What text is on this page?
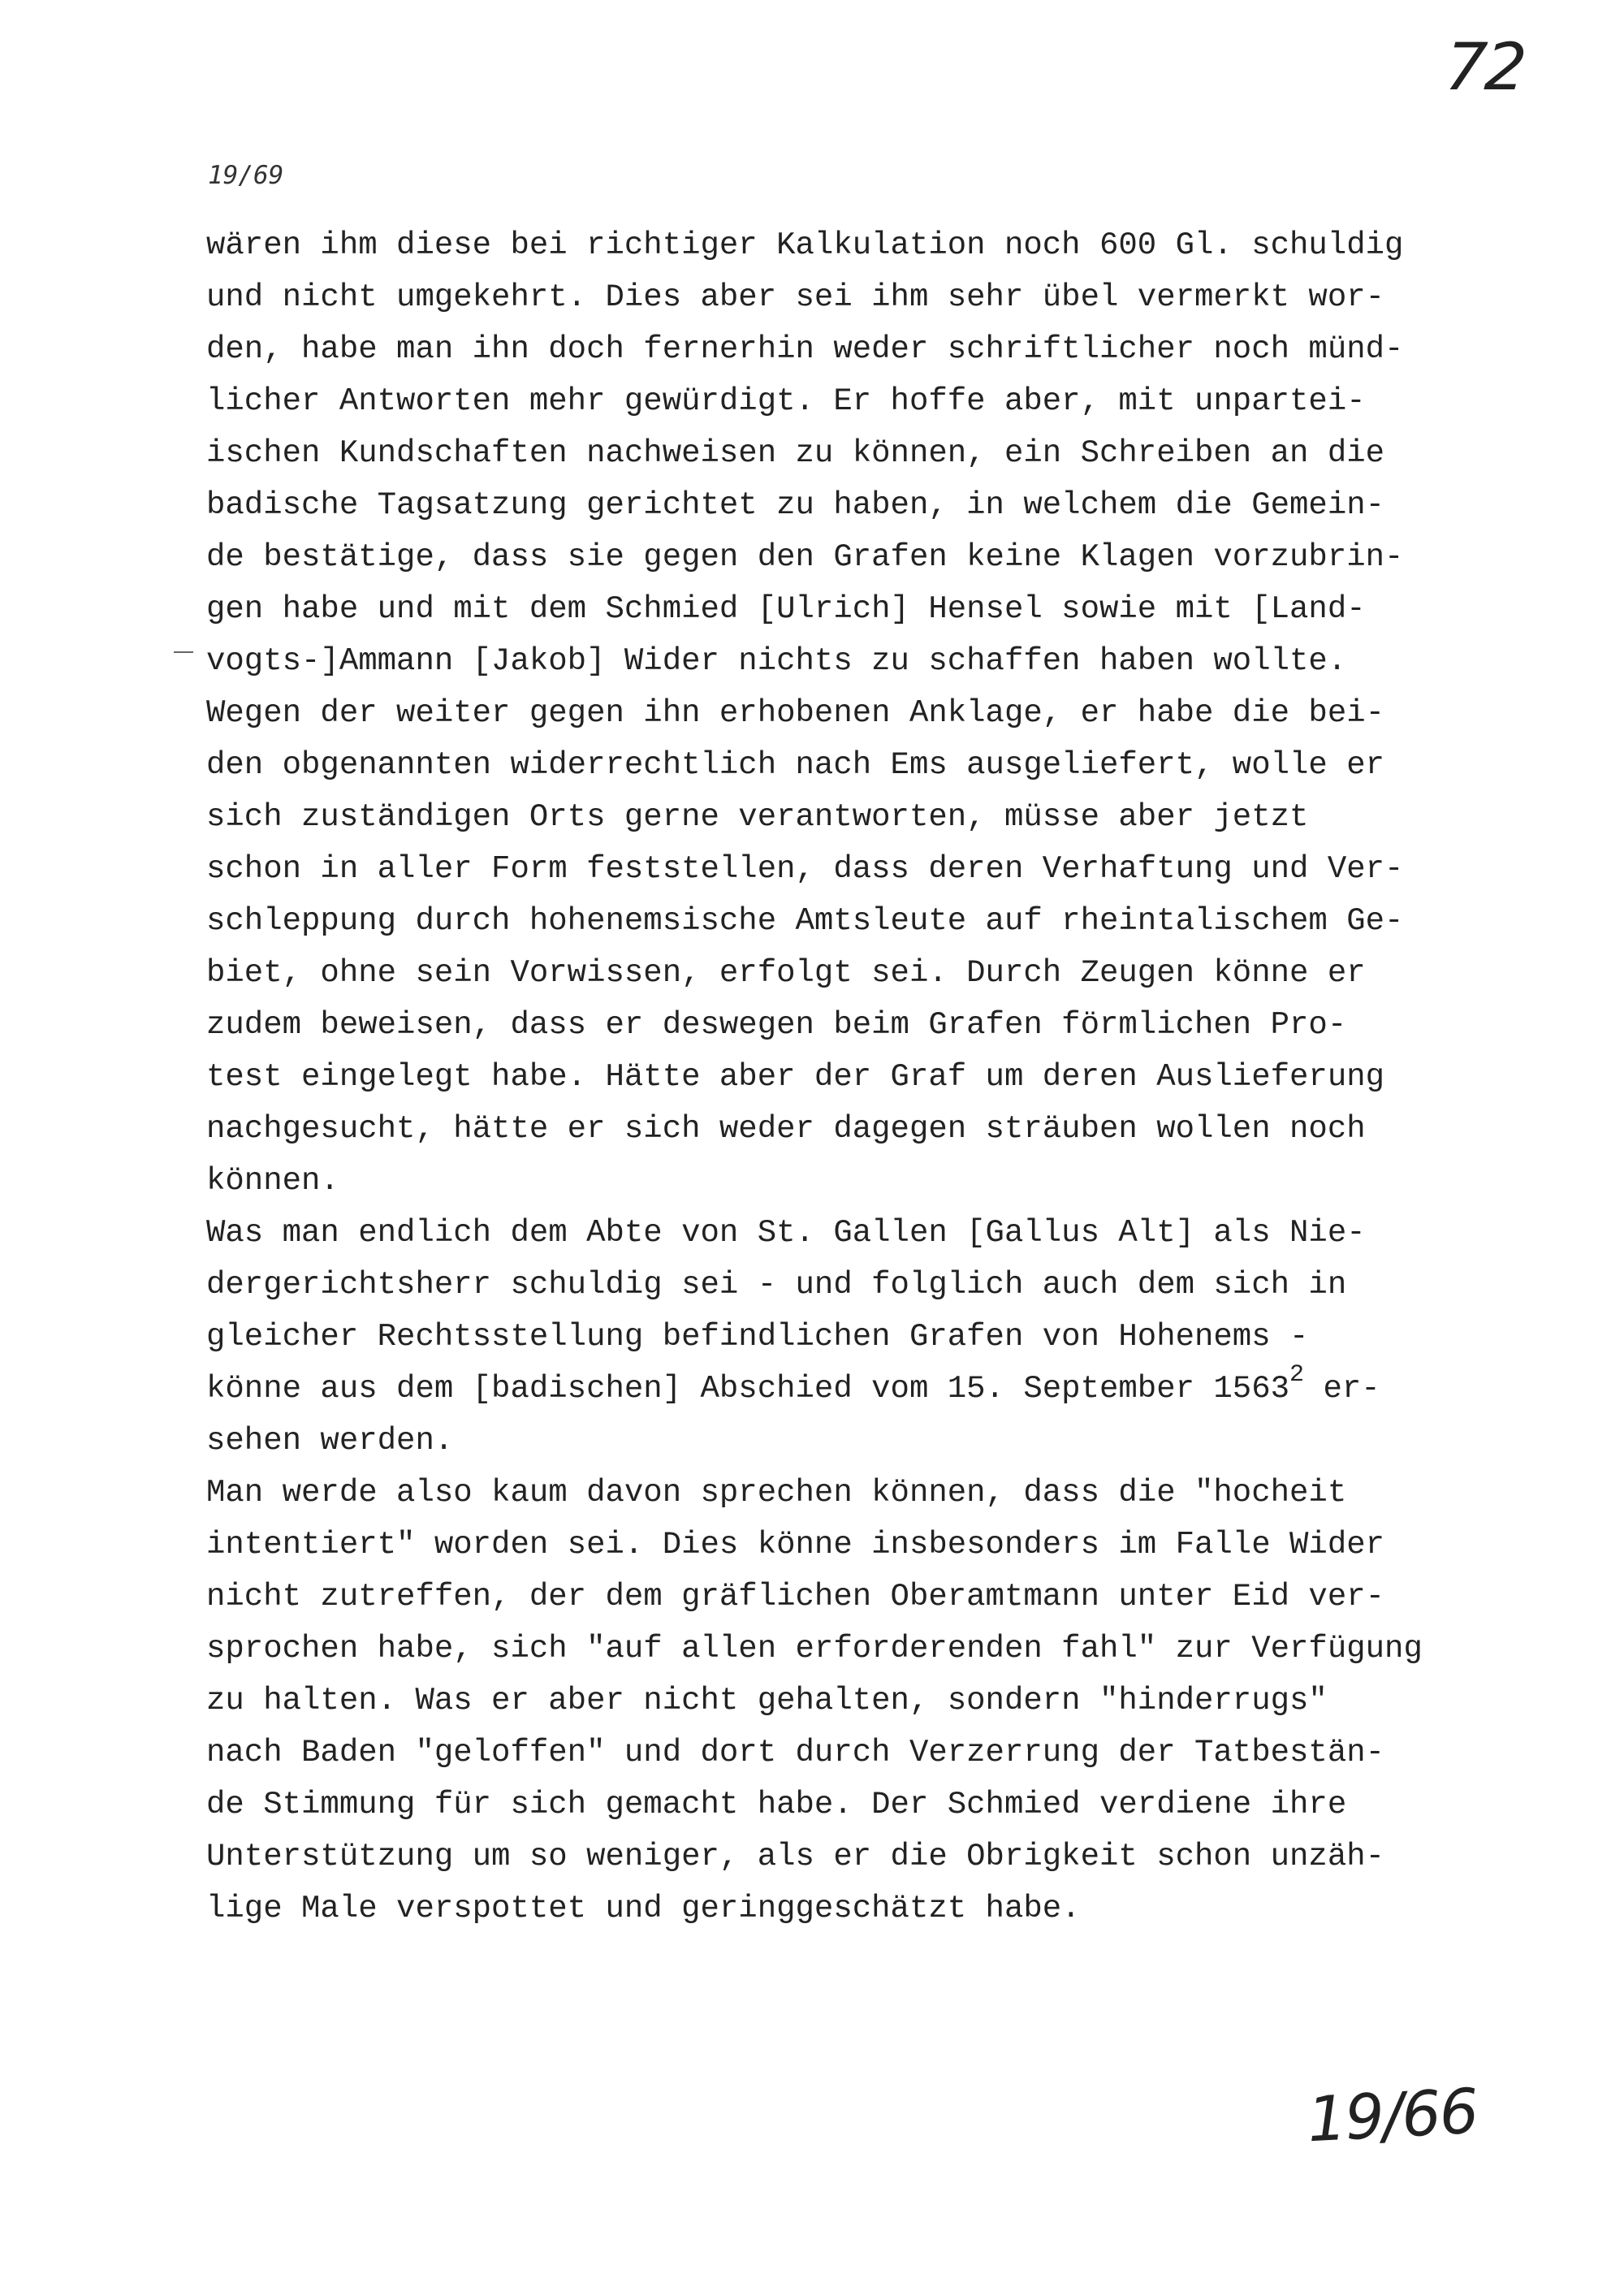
72
19/69
wären ihm diese bei richtiger Kalkulation noch 600 Gl. schuldig
und nicht umgekehrt. Dies aber sei ihm sehr übel vermerkt wor-
den, habe man ihn doch fernerhin weder schriftlicher noch münd-
licher Antworten mehr gewürdigt. Er hoffe aber, mit unpartei-
ischen Kundschaften nachweisen zu können, ein Schreiben an die
badische Tagsatzung gerichtet zu haben, in welchem die Gemein-
de bestätige, dass sie gegen den Grafen keine Klagen vorzubrin-
gen habe und mit dem Schmied [Ulrich] Hensel sowie mit [Land-
vogts-]Ammann [Jakob] Wider nichts zu schaffen haben wollte.
Wegen der weiter gegen ihn erhobenen Anklage, er habe die bei-
den obgenannten widerrechtlich nach Ems ausgeliefert, wolle er
sich zuständigen Orts gerne verantworten, müsse aber jetzt
schon in aller Form feststellen, dass deren Verhaftung und Ver-
schleppung durch hohenemsische Amtsleute auf rheintalischem Ge-
biet, ohne sein Vorwissen, erfolgt sei. Durch Zeugen könne er
zudem beweisen, dass er deswegen beim Grafen förmlichen Pro-
test eingelegt habe. Hätte aber der Graf um deren Auslieferung
nachgesucht, hätte er sich weder dagegen sträuben wollen noch
können.
Was man endlich dem Abte von St. Gallen [Gallus Alt] als Nie-
dergerichtsherr schuldig sei - und folglich auch dem sich in
gleicher Rechtsstellung befindlichen Grafen von Hohenems -
könne aus dem [badischen] Abschied vom 15. September 1563$^2$ er-
sehen werden.
Man werde also kaum davon sprechen können, dass die "hocheit
intentiert" worden sei. Dies könne insbesonders im Falle Wider
nicht zutreffen, der dem gräflichen Oberamtmann unter Eid ver-
sprochen habe, sich "auf allen erforderenden fahl" zur Verfügung
zu halten. Was er aber nicht gehalten, sondern "hinderrugs"
nach Baden "geloffen" und dort durch Verzerrung der Tatbestän-
de Stimmung für sich gemacht habe. Der Schmied verdiene ihre
Unterstützung um so weniger, als er die Obrigkeit schon unzäh-
lige Male verspottet und geringgeschätzt habe.
19/66
